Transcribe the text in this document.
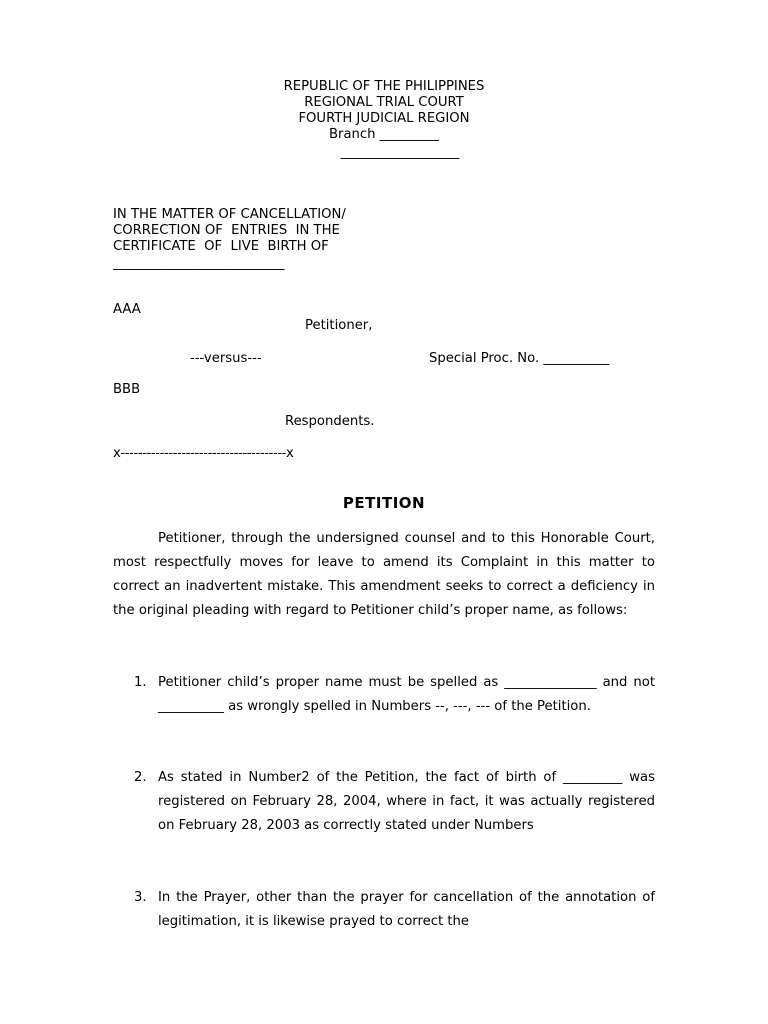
REPUBLIC OF THE PHILIPPINES
REGIONAL TRIAL COURT
FOURTH JUDICIAL REGION
Branch _________
__________________
IN THE MATTER OF CANCELLATION/
CORRECTION OF  ENTRIES  IN THE
CERTIFICATE  OF  LIVE  BIRTH OF
__________________________
AAA
Petitioner,
---versus---	Special Proc. No. __________
BBB
Respondents.
x--------------------------------------x
PETITION
Petitioner, through the undersigned counsel and to this Honorable Court, most respectfully moves for leave to amend its Complaint in this matter to correct an inadvertent mistake. This amendment seeks to correct a deficiency in the original pleading with regard to Petitioner child’s proper name, as follows:
1. Petitioner child’s proper name must be spelled as ______________ and not __________ as wrongly spelled in Numbers --, ---, --- of the Petition.
2. As stated in Number2 of the Petition, the fact of birth of _________ was registered on February 28, 2004, where in fact, it was actually registered on February 28, 2003 as correctly stated under Numbers
3. In the Prayer, other than the prayer for cancellation of the annotation of legitimation, it is likewise prayed to correct the
